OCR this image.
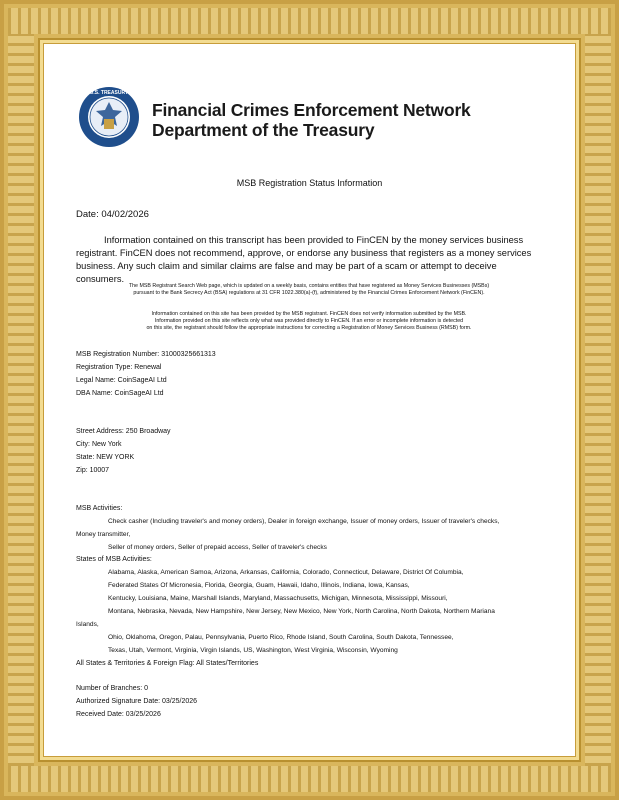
U.S. TREASURY
Financial Crimes Enforcement Network
Department of the Treasury
MSB Registration Status Information
Date: 04/02/2026
Information contained on this transcript has been provided to FinCEN by the money services business registrant. FinCEN does not recommend, approve, or endorse any business that registers as a money services business. Any such claim and similar claims are false and may be part of a scam or attempt to deceive consumers.
The MSB Registrant Search Web page, which is updated on a weekly basis, contains entities that have registered as Money Services Businesses (MSBs)
pursuant to the Bank Secrecy Act (BSA) regulations at 31 CFR 1022.380(a)-(f), administered by the Financial Crimes Enforcement Network (FinCEN).
Information contained on this site has been provided by the MSB registrant. FinCEN does not verify information submitted by the MSB.
Information provided on this site reflects only what was provided directly to FinCEN. If an error or incomplete information is detected
on this site, the registrant should follow the appropriate instructions for correcting a Registration of Money Services Business (RMSB) form.
MSB Registration Number: 31000325661313
Registration Type: Renewal
Legal Name: CoinSageAI Ltd
DBA Name: CoinSageAI Ltd
Street Address: 250 Broadway
City: New York
State: NEW YORK
Zip: 10007
MSB Activities:
Check casher (Including traveler's and money orders), Dealer in foreign exchange, Issuer of money orders, Issuer of traveler's checks,
Money transmitter,
Seller of money orders, Seller of prepaid access, Seller of traveler's checks
States of MSB Activities:
Alabama, Alaska, American Samoa, Arizona, Arkansas, California, Colorado, Connecticut, Delaware, District Of Columbia,
Federated States Of Micronesia, Florida, Georgia, Guam, Hawaii, Idaho, Illinois, Indiana, Iowa, Kansas,
Kentucky, Louisiana, Maine, Marshall Islands, Maryland, Massachusetts, Michigan, Minnesota, Mississippi, Missouri,
Montana, Nebraska, Nevada, New Hampshire, New Jersey, New Mexico, New York, North Carolina, North Dakota, Northern Mariana
Islands,
Ohio, Oklahoma, Oregon, Palau, Pennsylvania, Puerto Rico, Rhode Island, South Carolina, South Dakota, Tennessee,
Texas, Utah, Vermont, Virginia, Virgin Islands, US, Washington, West Virginia, Wisconsin, Wyoming
All States & Territories & Foreign Flag: All States/Territories
Number of Branches: 0
Authorized Signature Date: 03/25/2026
Received Date: 03/25/2026
